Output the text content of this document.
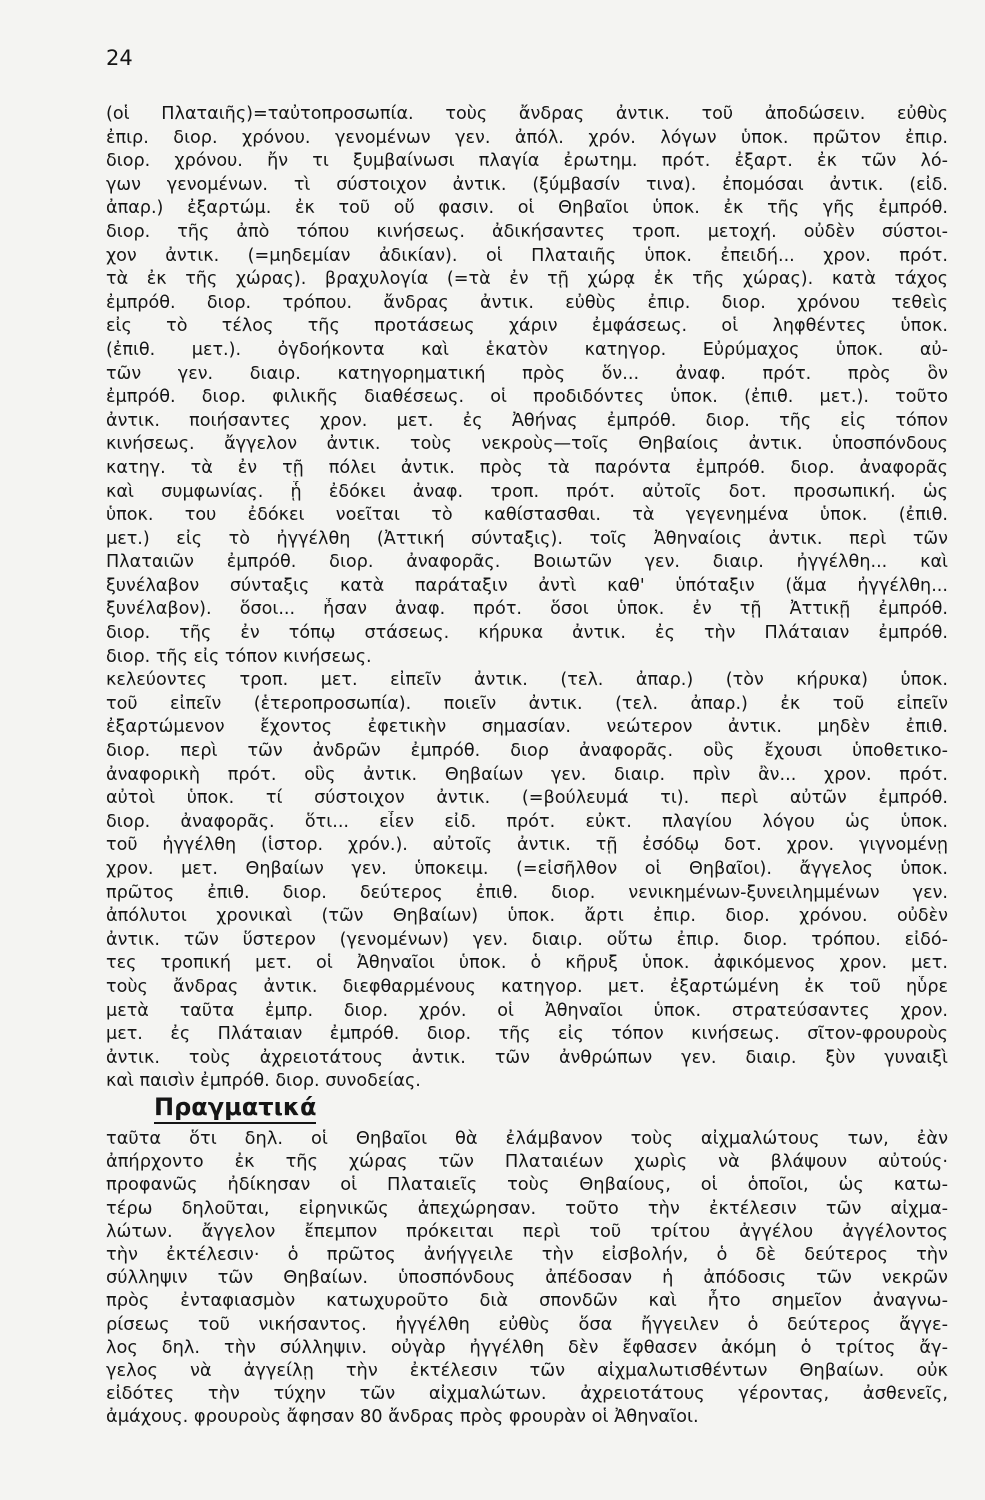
24
(οἱ Πλαταιῆς)=ταὐτοπροσωπία. τοὺς ἄνδρας ἀντικ. τοῦ ἀποδώσειν. εὐθὺς
ἐπιρ. διορ. χρόνου. γενομένων γεν. ἀπόλ. χρόν. λόγων ὑποκ. πρῶτον ἐπιρ.
διορ. χρόνου. ἤν τι ξυμβαίνωσι πλαγία ἐρωτημ. πρότ. ἐξαρτ. ἐκ τῶν λό-
γων γενομένων. τὶ σύστοιχον ἀντικ. (ξύμβασίν τινα). ἐπομόσαι ἀντικ. (εἰδ.
ἀπαρ.) ἐξαρτώμ. ἐκ τοῦ οὔ φασιν. οἱ Θηβαῖοι ὑποκ. ἐκ τῆς γῆς ἐμπρόθ.
διορ. τῆς ἀπὸ τόπου κινήσεως. ἀδικήσαντες τροπ. μετοχή. οὐδὲν σύστοι-
χον ἀντικ. (=μηδεμίαν ἀδικίαν). οἱ Πλαταιῆς ὑποκ. ἐπειδή... χρον. πρότ.
τὰ ἐκ τῆς χώρας). βραχυλογία (=τὰ ἐν τῇ χώρᾳ ἐκ τῆς χώρας). κατὰ τάχος
ἐμπρόθ. διορ. τρόπου. ἄνδρας ἀντικ. εὐθὺς ἐπιρ. διορ. χρόνου τεθεὶς
εἰς τὸ τέλος τῆς προτάσεως χάριν ἐμφάσεως. οἱ ληφθέντες ὑποκ.
(ἐπιθ. μετ.). ὀγδοήκοντα καὶ ἑκατὸν κατηγορ. Εὐρύμαχος ὑποκ. αὐ-
τῶν γεν. διαιρ. κατηγορηματική πρὸς ὅν... ἀναφ. πρότ. πρὸς ὃν
ἐμπρόθ. διορ. φιλικῆς διαθέσεως. οἱ προδιδόντες ὑποκ. (ἐπιθ. μετ.). τοῦτο
ἀντικ. ποιήσαντες χρον. μετ. ἐς Ἀθήνας ἐμπρόθ. διορ. τῆς εἰς τόπον
κινήσεως. ἄγγελον ἀντικ. τοὺς νεκροὺς—τοῖς Θηβαίοις ἀντικ. ὑποσπόνδους
κατηγ. τὰ ἐν τῇ πόλει ἀντικ. πρὸς τὰ παρόντα ἐμπρόθ. διορ. ἀναφορᾶς
καὶ συμφωνίας. ᾗ ἐδόκει ἀναφ. τροπ. πρότ. αὐτοῖς δοτ. προσωπική. ὡς
ὑποκ. του ἐδόκει νοεῖται τὸ καθίστασθαι. τὰ γεγενημένα ὑποκ. (ἐπιθ.
μετ.) εἰς τὸ ἠγγέλθη (Ἀττική σύνταξις). τοῖς Ἀθηναίοις ἀντικ. περὶ τῶν
Πλαταιῶν ἐμπρόθ. διορ. ἀναφορᾶς. Βοιωτῶν γεν. διαιρ. ἠγγέλθη... καὶ
ξυνέλαβον σύνταξις κατὰ παράταξιν ἀντὶ καθ' ὑπόταξιν (ἅμα ἠγγέλθη...
ξυνέλαβον). ὅσοι... ἦσαν ἀναφ. πρότ. ὅσοι ὑποκ. ἐν τῇ Ἀττικῇ ἐμπρόθ.
διορ. τῆς ἐν τόπῳ στάσεως. κήρυκα ἀντικ. ἐς τὴν Πλάταιαν ἐμπρόθ.
διορ. τῆς εἰς τόπον κινήσεως.
κελεύοντες τροπ. μετ. εἰπεῖν ἀντικ. (τελ. ἀπαρ.) (τὸν κήρυκα) ὑποκ.
τοῦ εἰπεῖν (ἑτεροπροσωπία). ποιεῖν ἀντικ. (τελ. ἀπαρ.) ἐκ τοῦ εἰπεῖν
ἐξαρτώμενον ἔχοντος ἐφετικὴν σημασίαν. νεώτερον ἀντικ. μηδὲν ἐπιθ.
διορ. περὶ τῶν ἀνδρῶν ἐμπρόθ. διορ ἀναφορᾶς. οὓς ἔχουσι ὑποθετικο-
ἀναφορικὴ πρότ. οὓς ἀντικ. Θηβαίων γεν. διαιρ. πρὶν ἂν... χρον. πρότ.
αὐτοὶ ὑποκ. τί σύστοιχον ἀντικ. (=βούλευμά τι). περὶ αὐτῶν ἐμπρόθ.
διορ. ἀναφορᾶς. ὅτι... εἶεν εἰδ. πρότ. εὐκτ. πλαγίου λόγου ὡς ὑποκ.
τοῦ ἠγγέλθη (ἱστορ. χρόν.). αὐτοῖς ἀντικ. τῇ ἐσόδῳ δοτ. χρον. γιγνομένῃ
χρον. μετ. Θηβαίων γεν. ὑποκειμ. (=εἰσῆλθον οἱ Θηβαῖοι). ἄγγελος ὑποκ.
πρῶτος ἐπιθ. διορ. δεύτερος ἐπιθ. διορ. νενικημένων-ξυνειλημμένων γεν.
ἀπόλυτοι χρονικαὶ (τῶν Θηβαίων) ὑποκ. ἄρτι ἐπιρ. διορ. χρόνου. οὐδὲν
ἀντικ. τῶν ὕστερον (γενομένων) γεν. διαιρ. οὕτω ἐπιρ. διορ. τρόπου. εἰδό-
τες τροπική μετ. οἱ Ἀθηναῖοι ὑποκ. ὁ κῆρυξ ὑποκ. ἀφικόμενος χρον. μετ.
τοὺς ἄνδρας ἀντικ. διεφθαρμένους κατηγορ. μετ. ἐξαρτώμένη ἐκ τοῦ ηὗρε
μετὰ ταῦτα ἐμπρ. διορ. χρόν. οἱ Ἀθηναῖοι ὑποκ. στρατεύσαντες χρον.
μετ. ἐς Πλάταιαν ἐμπρόθ. διορ. τῆς εἰς τόπον κινήσεως. σῖτον-φρουροὺς
ἀντικ. τοὺς ἀχρειοτάτους ἀντικ. τῶν ἀνθρώπων γεν. διαιρ. ξὺν γυναιξὶ
καὶ παισὶν ἐμπρόθ. διορ. συνοδείας.
Πραγματικά
ταῦτα ὅτι δηλ. οἱ Θηβαῖοι θὰ ἐλάμβανον τοὺς αἰχμαλώτους των, ἐὰν
ἀπήρχοντο ἐκ τῆς χώρας τῶν Πλαταιέων χωρὶς νὰ βλάψουν αὐτούς·
προφανῶς ἠδίκησαν οἱ Πλαταιεῖς τοὺς Θηβαίους, οἱ ὁποῖοι, ὡς κατω-
τέρω δηλοῦται, εἰρηνικῶς ἀπεχώρησαν. τοῦτο τὴν ἐκτέλεσιν τῶν αἰχμα-
λώτων. ἄγγελον ἔπεμπον πρόκειται περὶ τοῦ τρίτου ἀγγέλου ἀγγέλοντος
τὴν ἐκτέλεσιν· ὁ πρῶτος ἀνήγγειλε τὴν εἰσβολήν, ὁ δὲ δεύτερος τὴν
σύλληψιν τῶν Θηβαίων. ὑποσπόνδους ἀπέδοσαν ἡ ἀπόδοσις τῶν νεκρῶν
πρὸς ἐνταφιασμὸν κατωχυροῦτο διὰ σπονδῶν καὶ ἦτο σημεῖον ἀναγνω-
ρίσεως τοῦ νικήσαντος. ἠγγέλθη εὐθὺς ὅσα ἤγγειλεν ὁ δεύτερος ἄγγε-
λος δηλ. τὴν σύλληψιν. οὐγὰρ ἠγγέλθη δὲν ἔφθασεν ἀκόμη ὁ τρίτος ἄγ-
γελος νὰ ἀγγείλῃ τὴν ἐκτέλεσιν τῶν αἰχμαλωτισθέντων Θηβαίων. οὐκ
εἰδότες τὴν τύχην τῶν αἰχμαλώτων. ἀχρειοτάτους γέροντας, ἀσθενεῖς,
ἀμάχους. φρουροὺς ἄφησαν 80 ἄνδρας πρὸς φρουρὰν οἱ Ἀθηναῖοι.
